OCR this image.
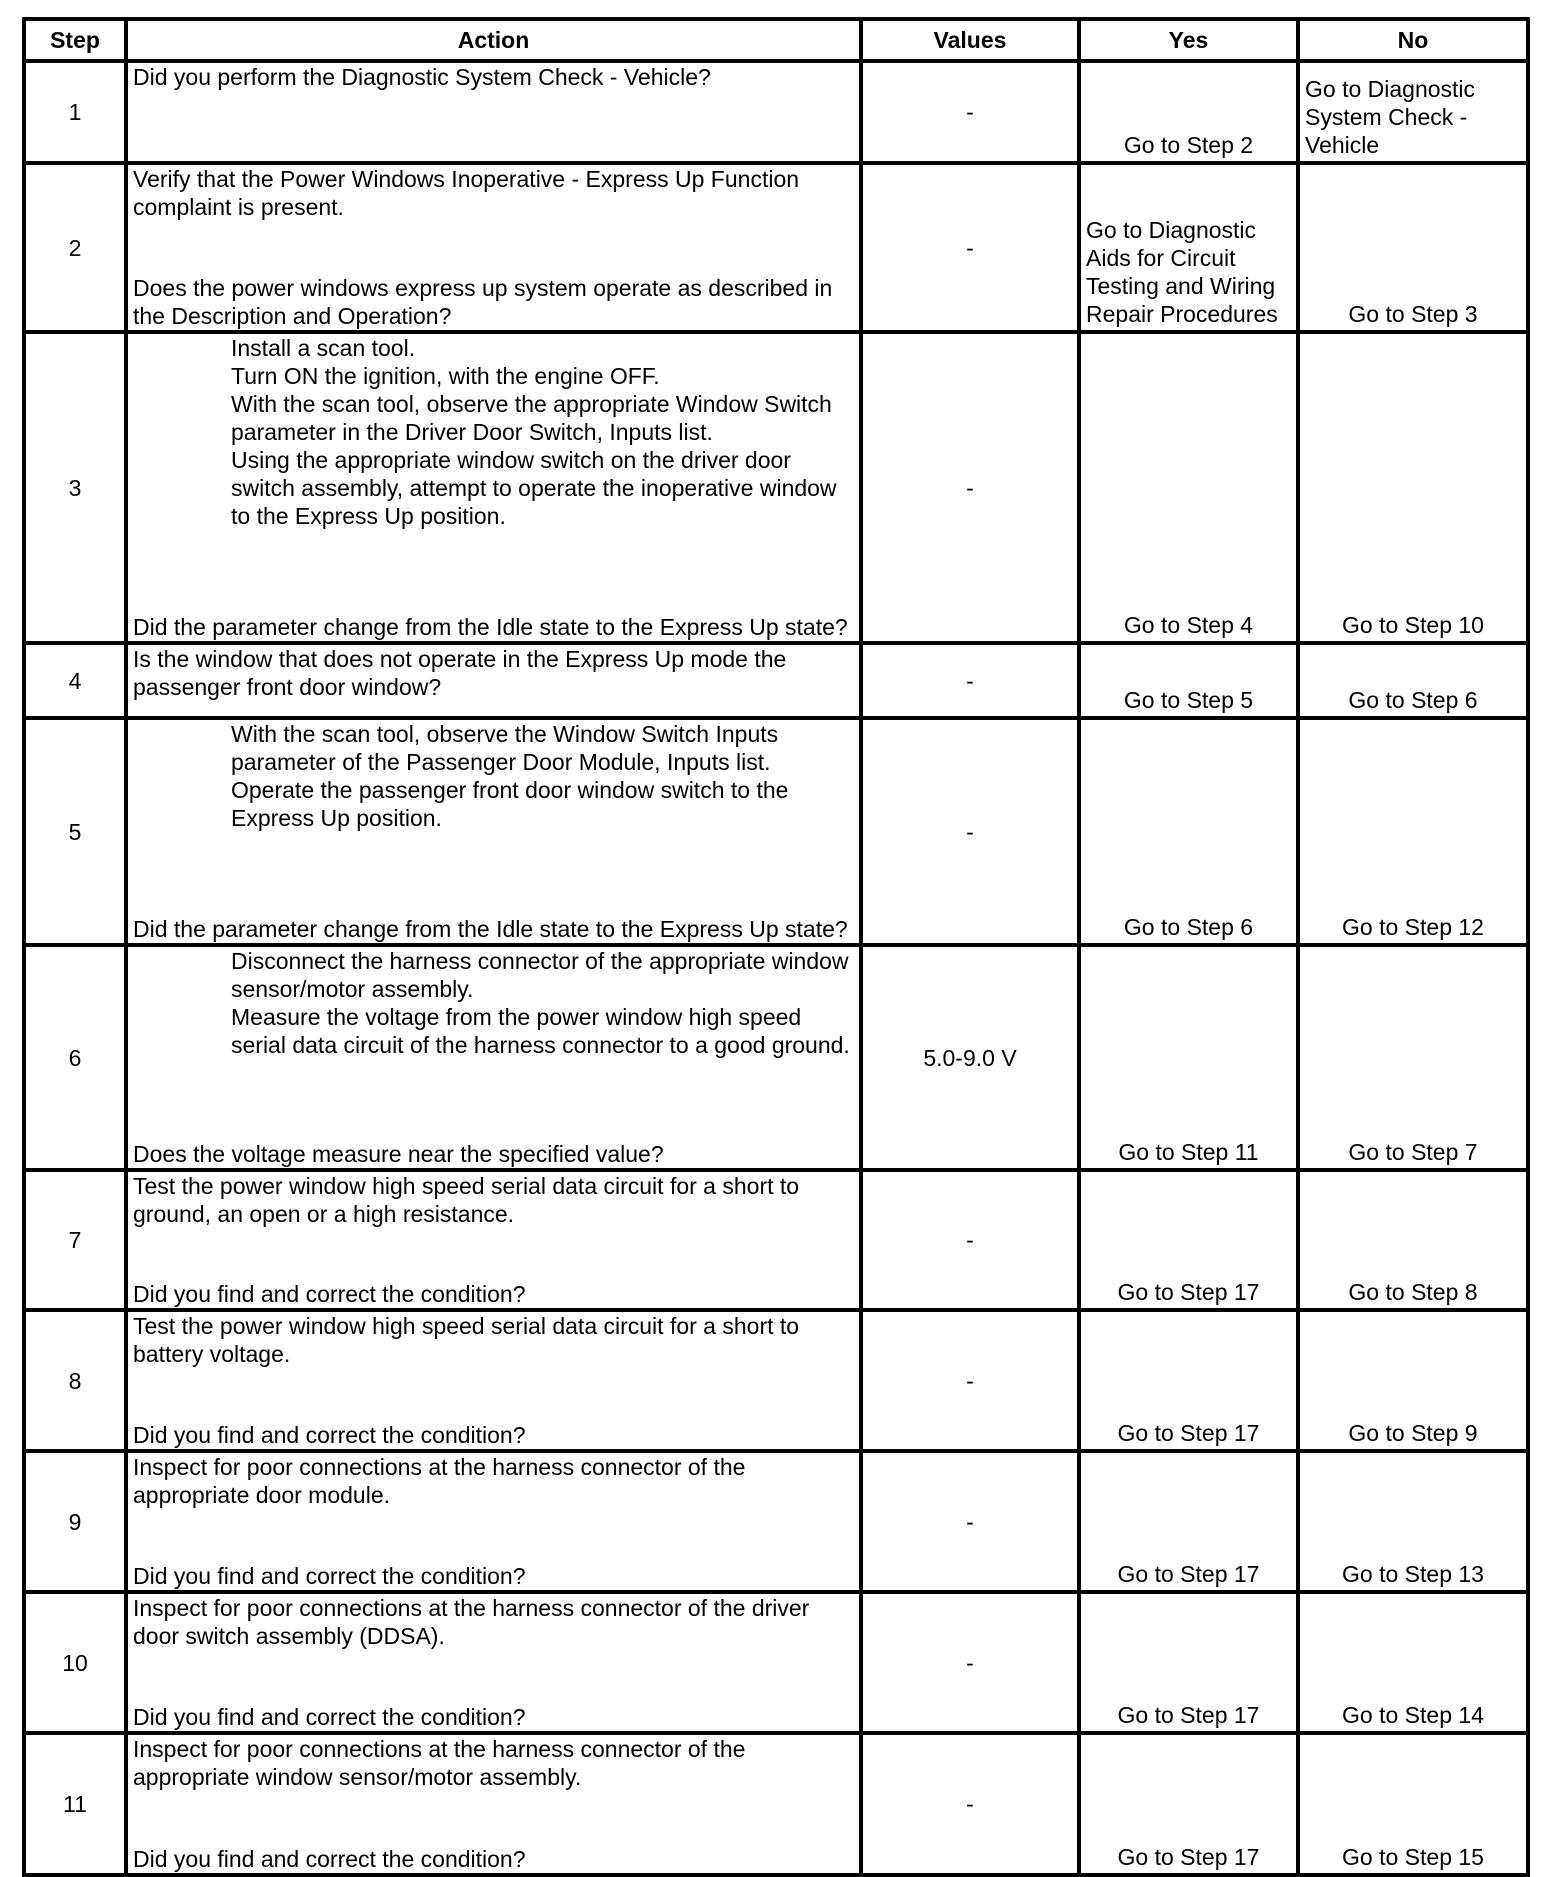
Step	Action	Values	Yes	No
1	Did you perform the Diagnostic System Check - Vehicle?	-	Go to Step 2	Go to Diagnostic System Check - Vehicle
2	Verify that the Power Windows Inoperative - Express Up Function complaint is present.
Does the power windows express up system operate as described in the Description and Operation?	-	Go to Diagnostic Aids for Circuit Testing and Wiring Repair Procedures	Go to Step 3
3	Install a scan tool.
Turn ON the ignition, with the engine OFF.
With the scan tool, observe the appropriate Window Switch parameter in the Driver Door Switch, Inputs list.
Using the appropriate window switch on the driver door switch assembly, attempt to operate the inoperative window to the Express Up position.
Did the parameter change from the Idle state to the Express Up state?	-	Go to Step 4	Go to Step 10
4	Is the window that does not operate in the Express Up mode the passenger front door window?	-	Go to Step 5	Go to Step 6
5	With the scan tool, observe the Window Switch Inputs parameter of the Passenger Door Module, Inputs list.
Operate the passenger front door window switch to the Express Up position.
Did the parameter change from the Idle state to the Express Up state?	-	Go to Step 6	Go to Step 12
6	Disconnect the harness connector of the appropriate window sensor/motor assembly.
Measure the voltage from the power window high speed serial data circuit of the harness connector to a good ground.
Does the voltage measure near the specified value?	5.0-9.0 V	Go to Step 11	Go to Step 7
7	Test the power window high speed serial data circuit for a short to ground, an open or a high resistance.
Did you find and correct the condition?	-	Go to Step 17	Go to Step 8
8	Test the power window high speed serial data circuit for a short to battery voltage.
Did you find and correct the condition?	-	Go to Step 17	Go to Step 9
9	Inspect for poor connections at the harness connector of the appropriate door module.
Did you find and correct the condition?	-	Go to Step 17	Go to Step 13
10	Inspect for poor connections at the harness connector of the driver door switch assembly (DDSA).
Did you find and correct the condition?	-	Go to Step 17	Go to Step 14
11	Inspect for poor connections at the harness connector of the appropriate window sensor/motor assembly.
Did you find and correct the condition?	-	Go to Step 17	Go to Step 15
